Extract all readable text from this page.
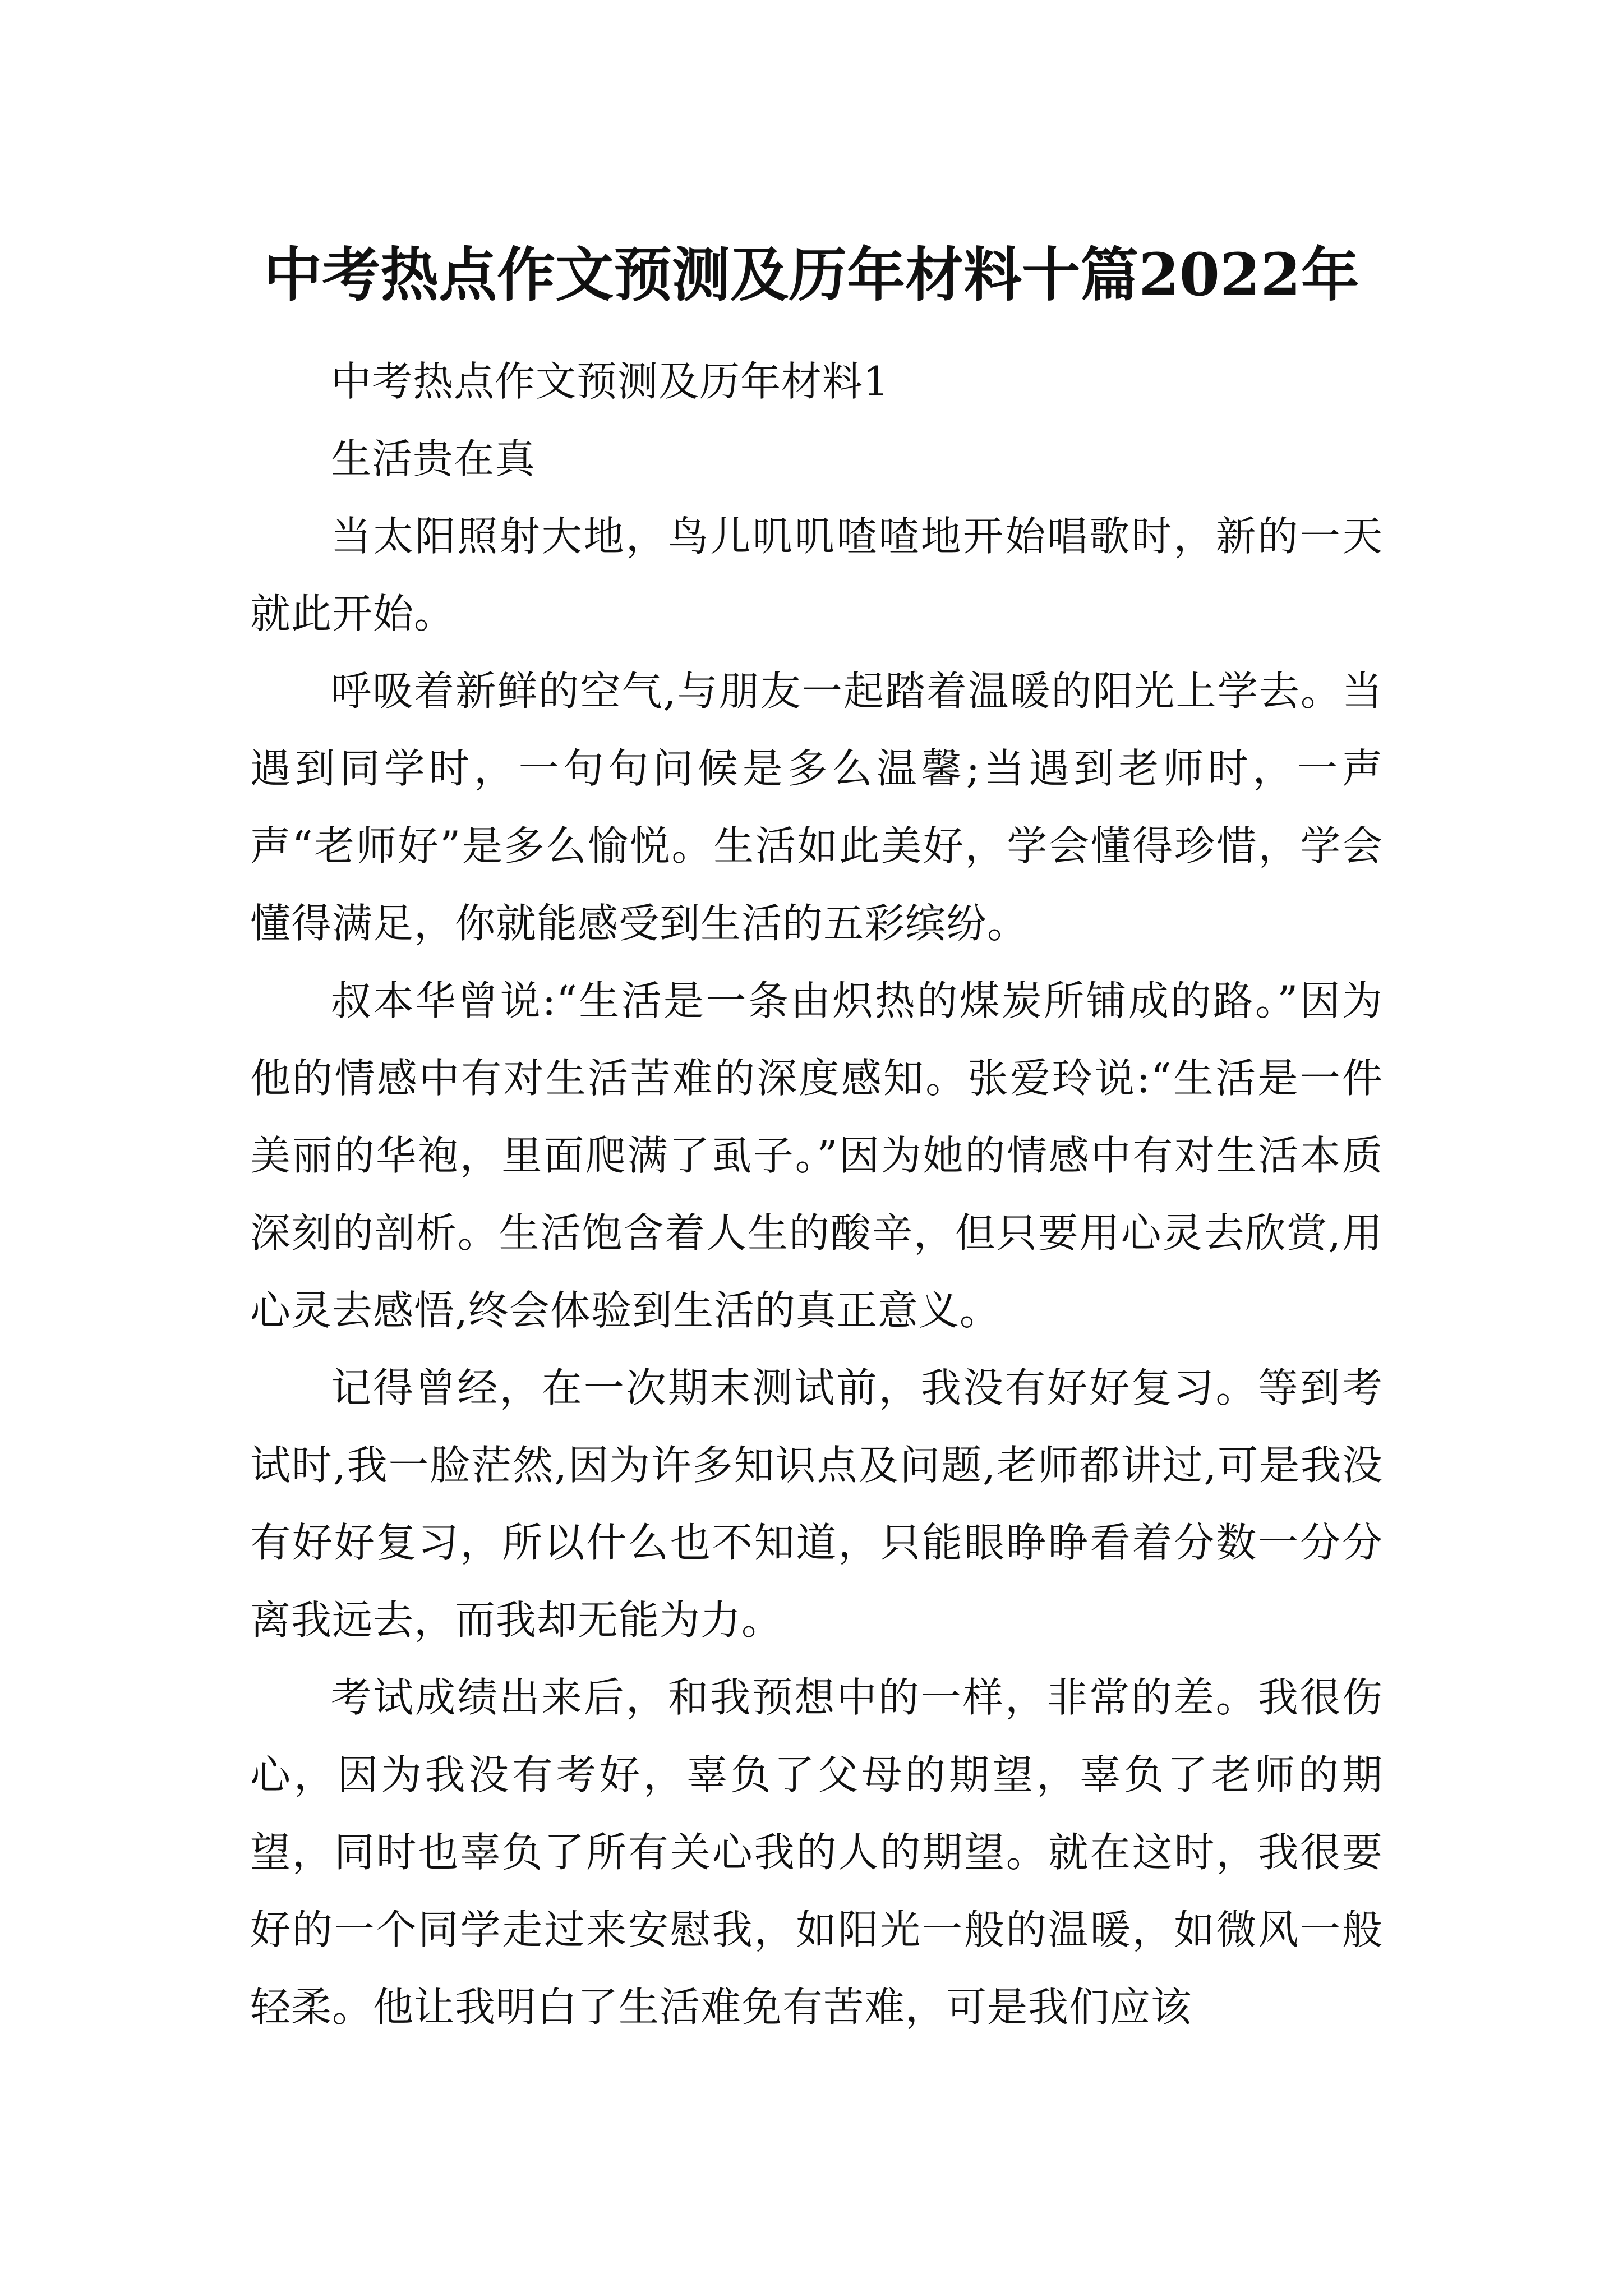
中考热点作文预测及历年材料十篇2022年

中考热点作文预测及历年材料1

生活贵在真

当太阳照射大地，鸟儿叽叽喳喳地开始唱歌时，新的一天就此开始。

呼吸着新鲜的空气,与朋友一起踏着温暖的阳光上学去。当遇到同学时，一句句问候是多么温馨;当遇到老师时，一声声“老师好”是多么愉悦。生活如此美好，学会懂得珍惜，学会懂得满足，你就能感受到生活的五彩缤纷。

叔本华曾说:“生活是一条由炽热的煤炭所铺成的路。”因为他的情感中有对生活苦难的深度感知。张爱玲说:“生活是一件美丽的华袍，里面爬满了虱子。”因为她的情感中有对生活本质深刻的剖析。生活饱含着人生的酸辛，但只要用心灵去欣赏,用心灵去感悟,终会体验到生活的真正意义。

记得曾经，在一次期末测试前，我没有好好复习。等到考试时,我一脸茫然,因为许多知识点及问题,老师都讲过,可是我没有好好复习，所以什么也不知道，只能眼睁睁看着分数一分分离我远去，而我却无能为力。

考试成绩出来后，和我预想中的一样，非常的差。我很伤心，因为我没有考好，辜负了父母的期望，辜负了老师的期望，同时也辜负了所有关心我的人的期望。就在这时，我很要好的一个同学走过来安慰我，如阳光一般的温暖，如微风一般轻柔。他让我明白了生活难免有苦难，可是我们应该
